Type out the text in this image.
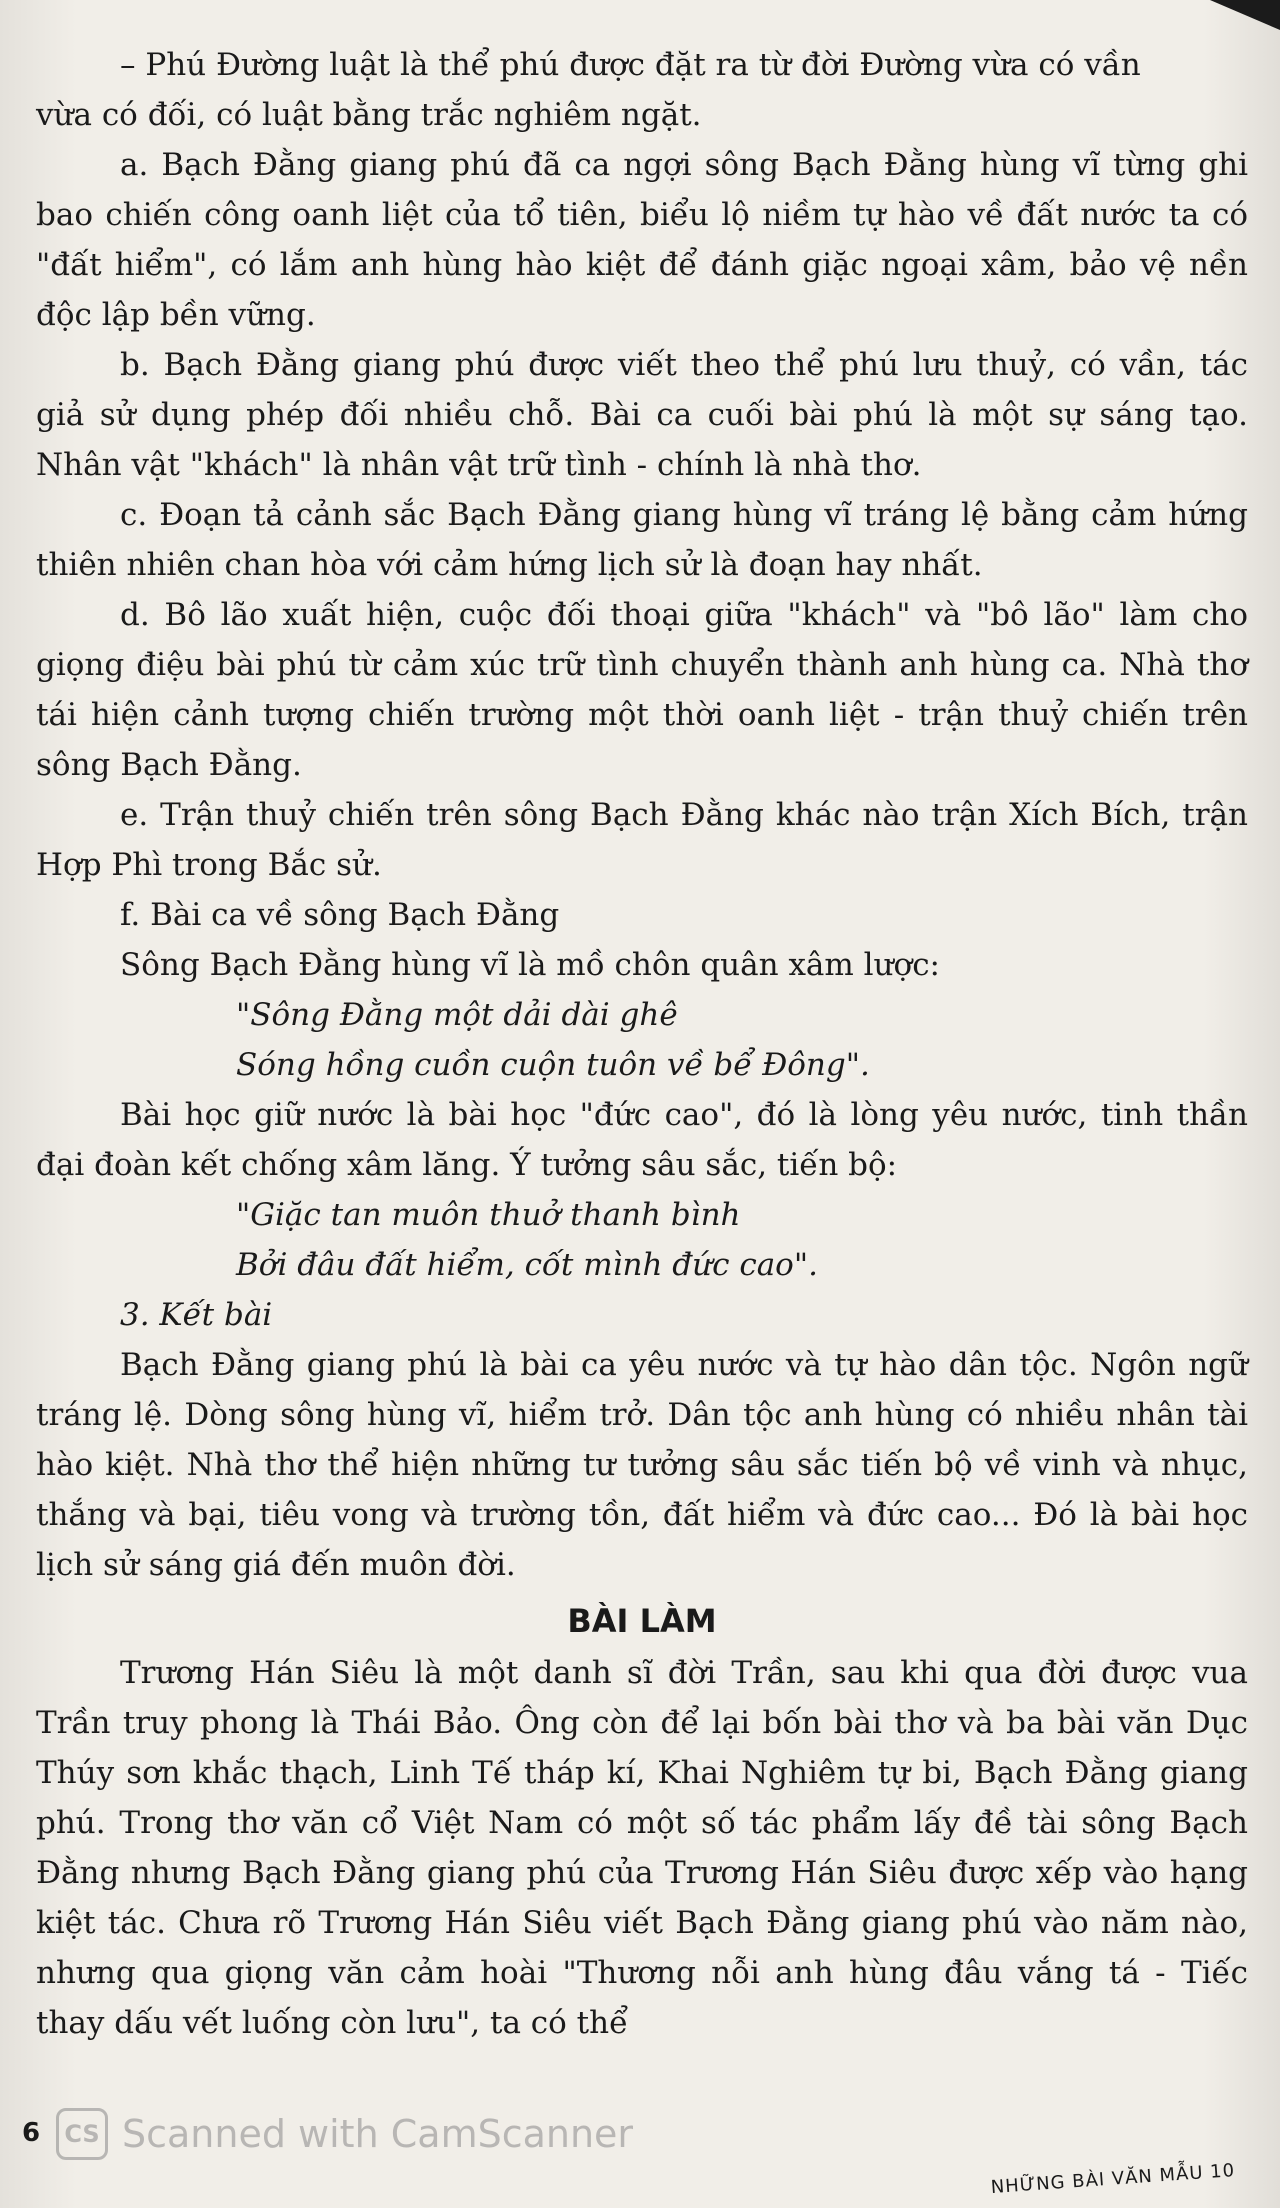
– Phú Đường luật là thể phú được đặt ra từ đời Đường vừa có vần

vừa có đối, có luật bằng trắc nghiêm ngặt.

a. Bạch Đằng giang phú đã ca ngợi sông Bạch Đằng hùng vĩ từng ghi bao chiến công oanh liệt của tổ tiên, biểu lộ niềm tự hào về đất nước ta có "đất hiểm", có lắm anh hùng hào kiệt để đánh giặc ngoại xâm, bảo vệ nền độc lập bền vững.

b. Bạch Đằng giang phú được viết theo thể phú lưu thuỷ, có vần, tác giả sử dụng phép đối nhiều chỗ. Bài ca cuối bài phú là một sự sáng tạo. Nhân vật "khách" là nhân vật trữ tình - chính là nhà thơ.

c. Đoạn tả cảnh sắc Bạch Đằng giang hùng vĩ tráng lệ bằng cảm hứng thiên nhiên chan hòa với cảm hứng lịch sử là đoạn hay nhất.

d. Bô lão xuất hiện, cuộc đối thoại giữa "khách" và "bô lão" làm cho giọng điệu bài phú từ cảm xúc trữ tình chuyển thành anh hùng ca. Nhà thơ tái hiện cảnh tượng chiến trường một thời oanh liệt - trận thuỷ chiến trên sông Bạch Đằng.

e. Trận thuỷ chiến trên sông Bạch Đằng khác nào trận Xích Bích, trận Hợp Phì trong Bắc sử.

f. Bài ca về sông Bạch Đằng

Sông Bạch Đằng hùng vĩ là mồ chôn quân xâm lược:

"Sông Đằng một dải dài ghê

Sóng hồng cuồn cuộn tuôn về bể Đông".

Bài học giữ nước là bài học "đức cao", đó là lòng yêu nước, tinh thần đại đoàn kết chống xâm lăng. Ý tưởng sâu sắc, tiến bộ:

"Giặc tan muôn thuở thanh bình

Bởi đâu đất hiểm, cốt mình đức cao".

3. Kết bài

Bạch Đằng giang phú là bài ca yêu nước và tự hào dân tộc. Ngôn ngữ tráng lệ. Dòng sông hùng vĩ, hiểm trở. Dân tộc anh hùng có nhiều nhân tài hào kiệt. Nhà thơ thể hiện những tư tưởng sâu sắc tiến bộ về vinh và nhục, thắng và bại, tiêu vong và trường tồn, đất hiểm và đức cao... Đó là bài học lịch sử sáng giá đến muôn đời.

BÀI LÀM

Trương Hán Siêu là một danh sĩ đời Trần, sau khi qua đời được vua Trần truy phong là Thái Bảo. Ông còn để lại bốn bài thơ và ba bài văn Dục Thúy sơn khắc thạch, Linh Tế tháp kí, Khai Nghiêm tự bi, Bạch Đằng giang phú. Trong thơ văn cổ Việt Nam có một số tác phẩm lấy đề tài sông Bạch Đằng nhưng Bạch Đằng giang phú của Trương Hán Siêu được xếp vào hạng kiệt tác. Chưa rõ Trương Hán Siêu viết Bạch Đằng giang phú vào năm nào, nhưng qua giọng văn cảm hoài "Thương nỗi anh hùng đâu vắng tá - Tiếc thay dấu vết luống còn lưu", ta có thể

6	CS Scanned with CamScanner
NHỮNG BÀI VĂN MẪU 10
